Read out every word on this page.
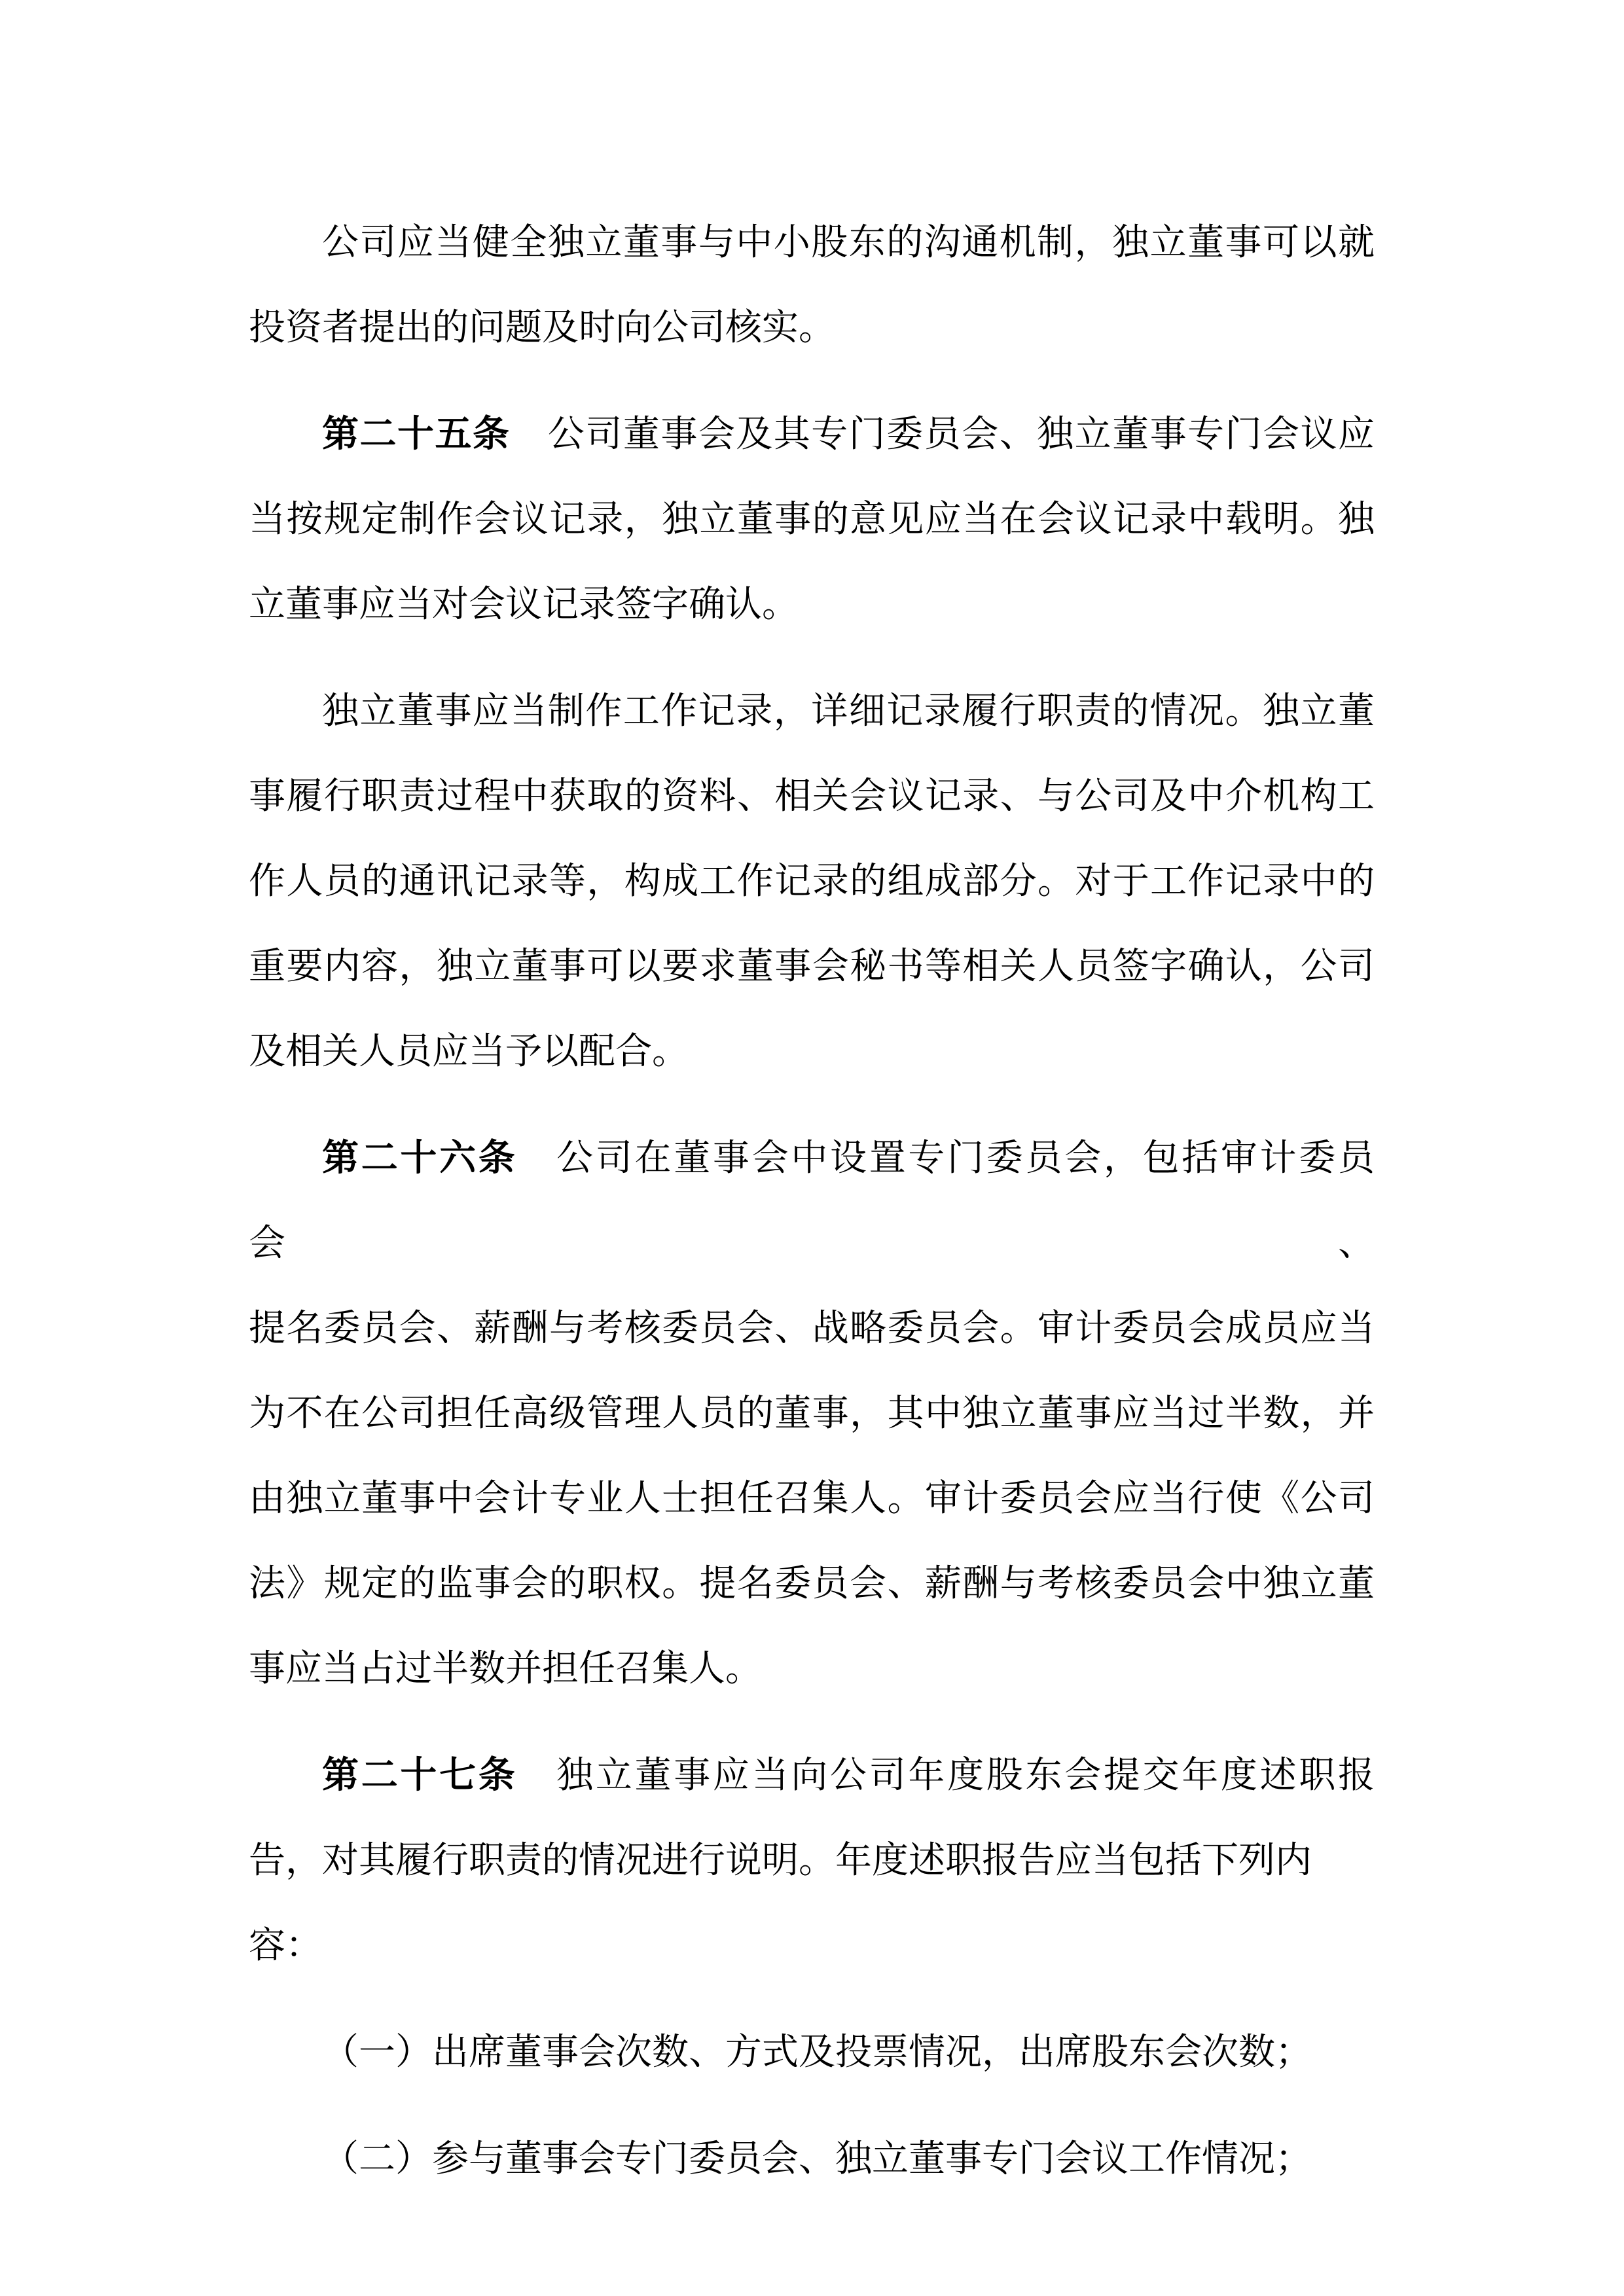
公司应当健全独立董事与中小股东的沟通机制，独立董事可以就
投资者提出的问题及时向公司核实。

第二十五条　公司董事会及其专门委员会、独立董事专门会议应
当按规定制作会议记录，独立董事的意见应当在会议记录中载明。独
立董事应当对会议记录签字确认。

独立董事应当制作工作记录，详细记录履行职责的情况。独立董
事履行职责过程中获取的资料、相关会议记录、与公司及中介机构工
作人员的通讯记录等，构成工作记录的组成部分。对于工作记录中的
重要内容，独立董事可以要求董事会秘书等相关人员签字确认，公司
及相关人员应当予以配合。

第二十六条　公司在董事会中设置专门委员会，包括审计委员会、
提名委员会、薪酬与考核委员会、战略委员会。审计委员会成员应当
为不在公司担任高级管理人员的董事，其中独立董事应当过半数，并
由独立董事中会计专业人士担任召集人。审计委员会应当行使《公司
法》规定的监事会的职权。提名委员会、薪酬与考核委员会中独立董
事应当占过半数并担任召集人。

第二十七条　独立董事应当向公司年度股东会提交年度述职报
告，对其履行职责的情况进行说明。年度述职报告应当包括下列内容：

（一）出席董事会次数、方式及投票情况，出席股东会次数；

（二）参与董事会专门委员会、独立董事专门会议工作情况；
